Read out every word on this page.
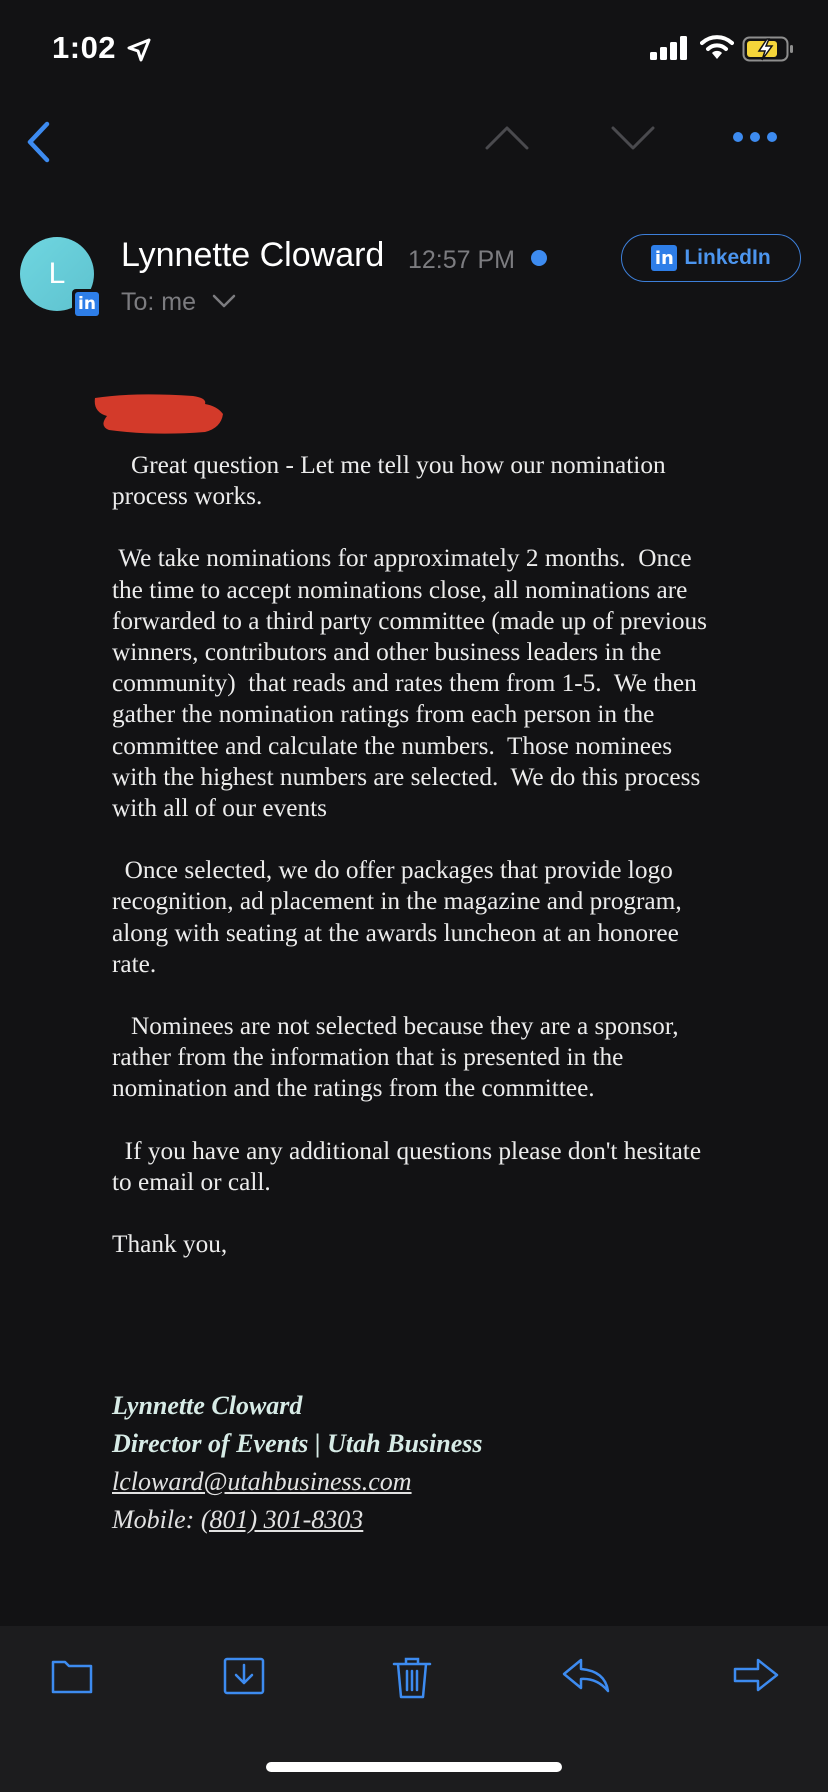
1:02
L
in
Lynnette Cloward 12:57 PM
To: me
in LinkedIn

Great question - Let me tell you how our nomination process works.

We take nominations for approximately 2 months.  Once the time to accept nominations close, all nominations are forwarded to a third party committee (made up of previous winners, contributors and other business leaders in the community)  that reads and rates them from 1-5.  We then gather the nomination ratings from each person in the committee and calculate the numbers.  Those nominees with the highest numbers are selected.  We do this process with all of our events

Once selected, we do offer packages that provide logo recognition, ad placement in the magazine and program, along with seating at the awards luncheon at an honoree rate.

Nominees are not selected because they are a sponsor, rather from the information that is presented in the nomination and the ratings from the committee.

If you have any additional questions please don't hesitate to email or call.

Thank you,

Lynnette Cloward
Director of Events | Utah Business
lcloward@utahbusiness.com
Mobile: (801) 301-8303
